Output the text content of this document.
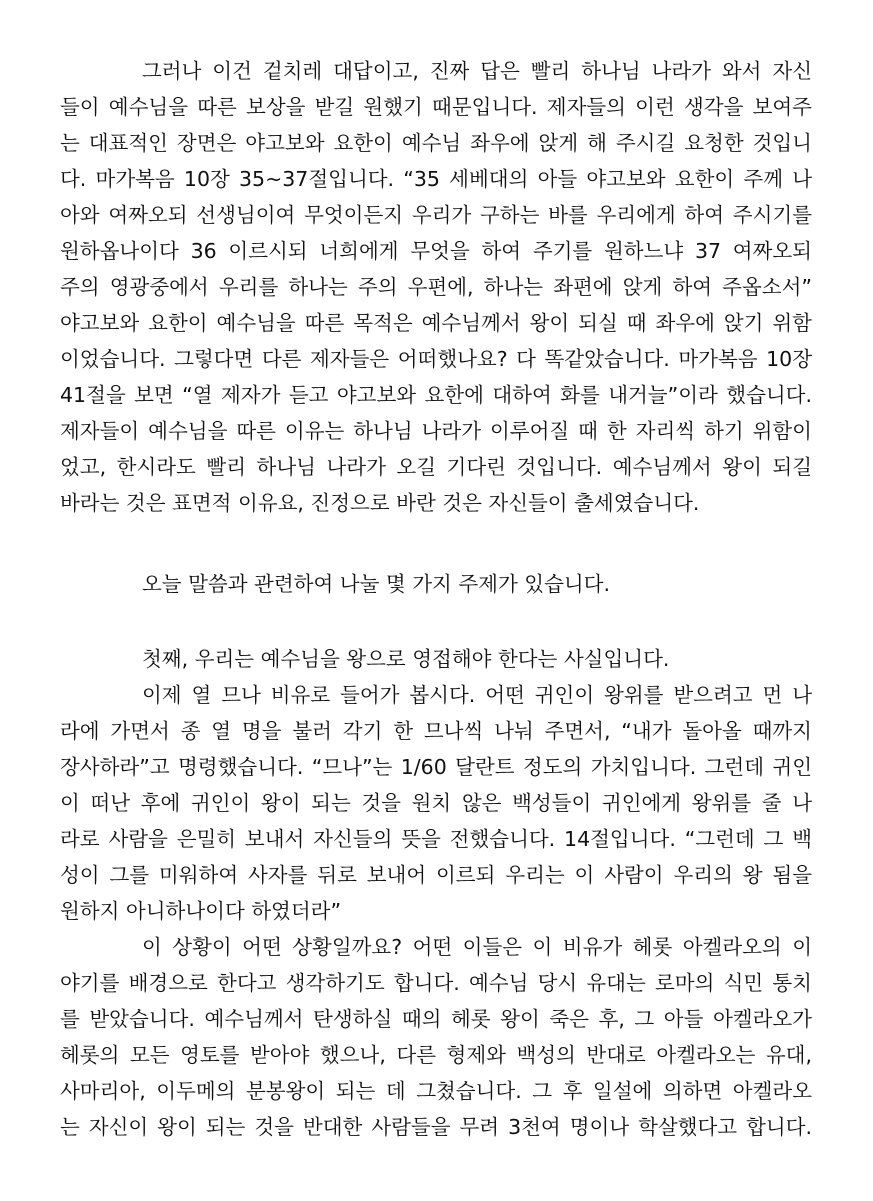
그러나 이건 겉치레 대답이고, 진짜 답은 빨리 하나님 나라가 와서 자신

들이 예수님을 따른 보상을 받길 원했기 때문입니다. 제자들의 이런 생각을 보여주

는 대표적인 장면은 야고보와 요한이 예수님 좌우에 앉게 해 주시길 요청한 것입니

다. 마가복음 10장 35~37절입니다. “35 세베대의 아들 야고보와 요한이 주께 나

아와 여짜오되 선생님이여 무엇이든지 우리가 구하는 바를 우리에게 하여 주시기를

원하옵나이다 36 이르시되 너희에게 무엇을 하여 주기를 원하느냐 37 여짜오되

주의 영광중에서 우리를 하나는 주의 우편에, 하나는 좌편에 앉게 하여 주옵소서”

야고보와 요한이 예수님을 따른 목적은 예수님께서 왕이 되실 때 좌우에 앉기 위함

이었습니다. 그렇다면 다른 제자들은 어떠했나요? 다 똑같았습니다. 마가복음 10장

41절을 보면 “열 제자가 듣고 야고보와 요한에 대하여 화를 내거늘”이라 했습니다.

제자들이 예수님을 따른 이유는 하나님 나라가 이루어질 때 한 자리씩 하기 위함이

었고, 한시라도 빨리 하나님 나라가 오길 기다린 것입니다. 예수님께서 왕이 되길

바라는 것은 표면적 이유요, 진정으로 바란 것은 자신들이 출세였습니다.

오늘 말씀과 관련하여 나눌 몇 가지 주제가 있습니다.

첫째, 우리는 예수님을 왕으로 영접해야 한다는 사실입니다.

이제 열 므나 비유로 들어가 봅시다. 어떤 귀인이 왕위를 받으려고 먼 나

라에 가면서 종 열 명을 불러 각기 한 므나씩 나눠 주면서, “내가 돌아올 때까지

장사하라”고 명령했습니다. “므나”는 1/60 달란트 정도의 가치입니다. 그런데 귀인

이 떠난 후에 귀인이 왕이 되는 것을 원치 않은 백성들이 귀인에게 왕위를 줄 나

라로 사람을 은밀히 보내서 자신들의 뜻을 전했습니다. 14절입니다. “그런데 그 백

성이 그를 미워하여 사자를 뒤로 보내어 이르되 우리는 이 사람이 우리의 왕 됨을

원하지 아니하나이다 하였더라”

이 상황이 어떤 상황일까요? 어떤 이들은 이 비유가 헤롯 아켈라오의 이

야기를 배경으로 한다고 생각하기도 합니다. 예수님 당시 유대는 로마의 식민 통치

를 받았습니다. 예수님께서 탄생하실 때의 헤롯 왕이 죽은 후, 그 아들 아켈라오가

헤롯의 모든 영토를 받아야 했으나, 다른 형제와 백성의 반대로 아켈라오는 유대,

사마리아, 이두메의 분봉왕이 되는 데 그쳤습니다. 그 후 일설에 의하면 아켈라오

는 자신이 왕이 되는 것을 반대한 사람들을 무려 3천여 명이나 학살했다고 합니다.
